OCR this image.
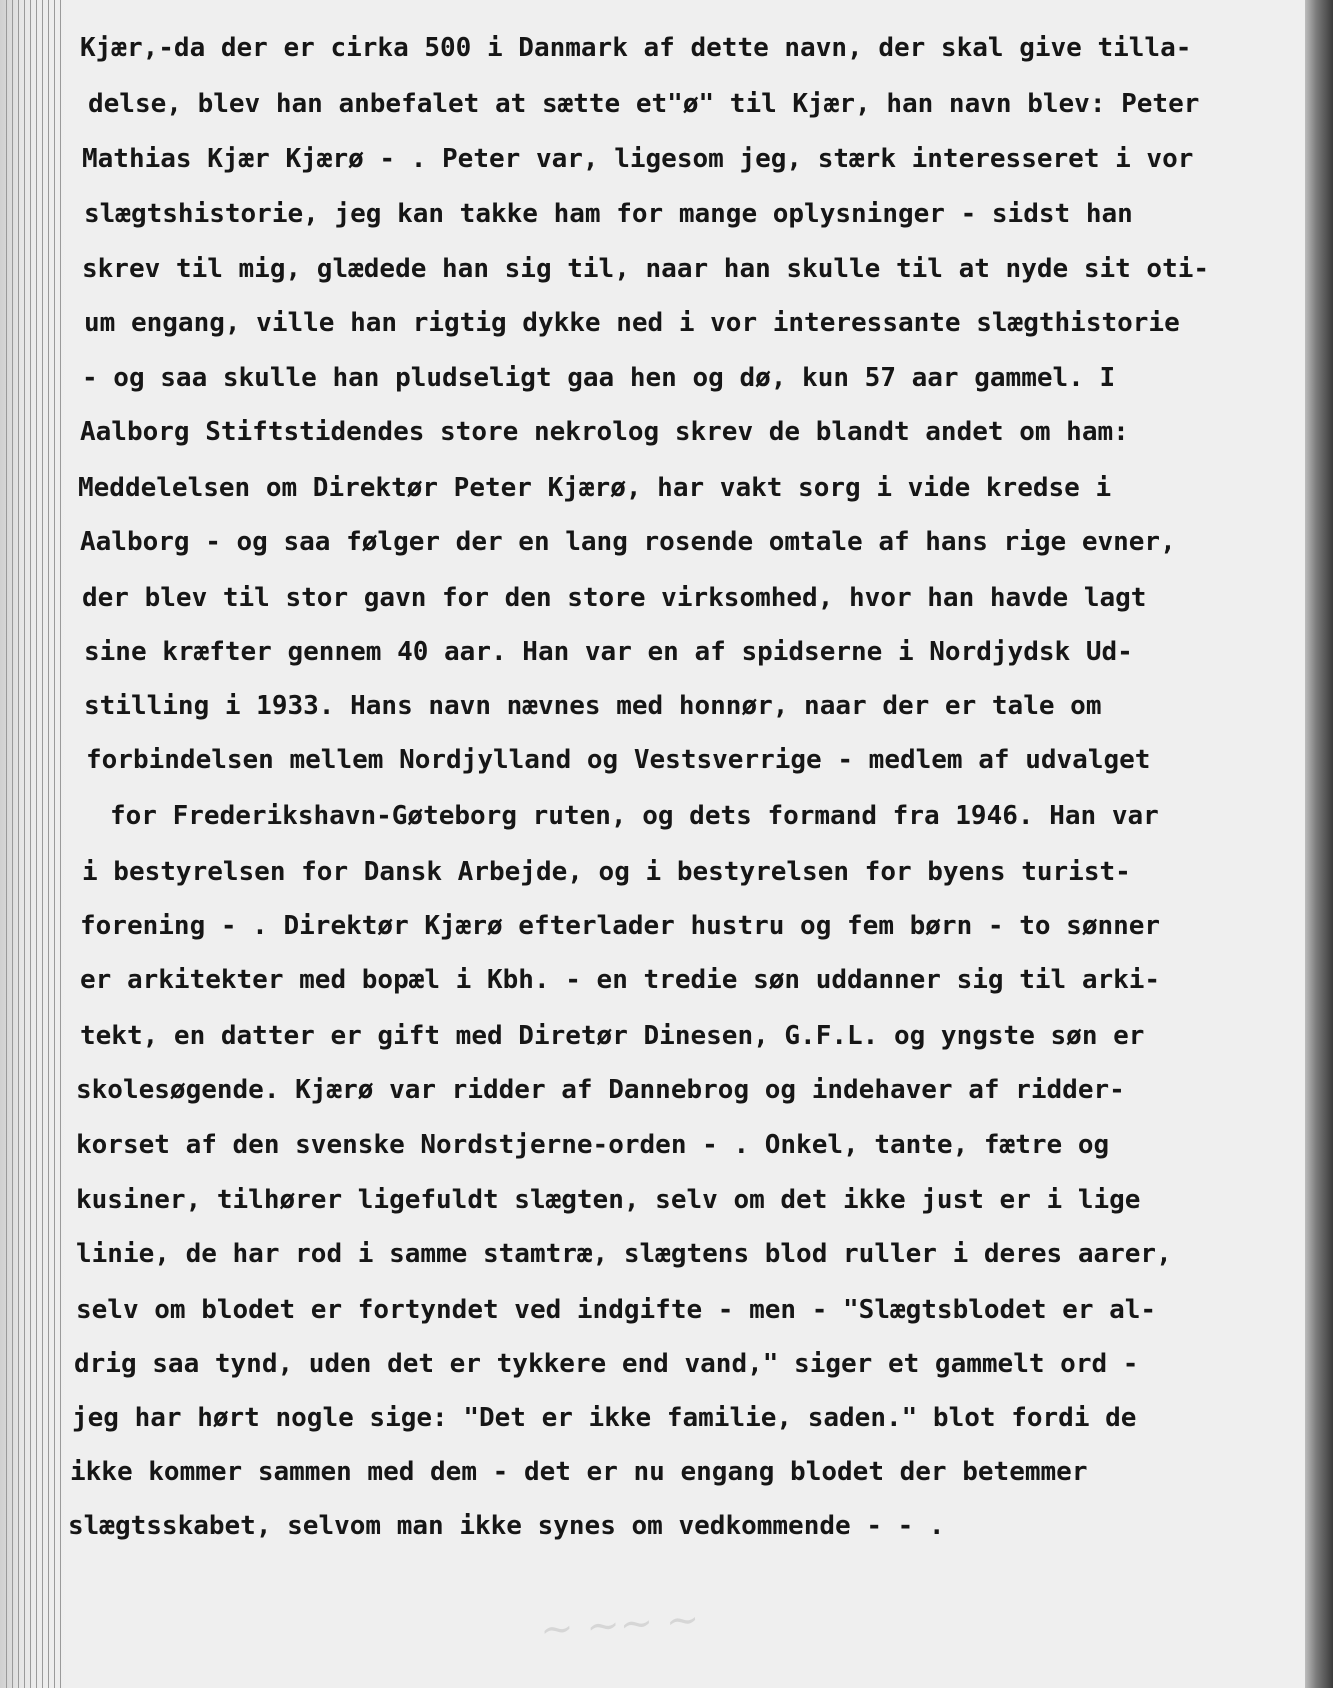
Kjær,-da der er cirka 500 i Danmark af dette navn, der skal give tilla-
delse, blev han anbefalet at sætte et"ø" til Kjær, han navn blev: Peter
Mathias Kjær Kjærø - . Peter var, ligesom jeg, stærk interesseret i vor
slægtshistorie, jeg kan takke ham for mange oplysninger - sidst han
skrev til mig, glædede han sig til, naar han skulle til at nyde sit oti-
um engang, ville han rigtig dykke ned i vor interessante slægthistorie
- og saa skulle han pludseligt gaa hen og dø, kun 57 aar gammel. I
Aalborg Stiftstidendes store nekrolog skrev de blandt andet om ham:
Meddelelsen om Direktør Peter Kjærø, har vakt sorg i vide kredse i
Aalborg - og saa følger der en lang rosende omtale af hans rige evner,
der blev til stor gavn for den store virksomhed, hvor han havde lagt
sine kræfter gennem 40 aar. Han var en af spidserne i Nordjydsk Ud-
stilling i 1933. Hans navn nævnes med honnør, naar der er tale om
forbindelsen mellem Nordjylland og Vestsverrige - medlem af udvalget
for Frederikshavn-Gøteborg ruten, og dets formand fra 1946. Han var
i bestyrelsen for Dansk Arbejde, og i bestyrelsen for byens turist-
forening - . Direktør Kjærø efterlader hustru og fem børn - to sønner
er arkitekter med bopæl i Kbh. - en tredie søn uddanner sig til arki-
tekt, en datter er gift med Diretør Dinesen, G.F.L. og yngste søn er
skolesøgende. Kjærø var ridder af Dannebrog og indehaver af ridder-
korset af den svenske Nordstjerne-orden - . Onkel, tante, fætre og
kusiner, tilhører ligefuldt slægten, selv om det ikke just er i lige
linie, de har rod i samme stamtræ, slægtens blod ruller i deres aarer,
selv om blodet er fortyndet ved indgifte - men - "Slægtsblodet er al-
drig saa tynd, uden det er tykkere end vand," siger et gammelt ord -
jeg har hørt nogle sige: "Det er ikke familie, saden." blot fordi de
ikke kommer sammen med dem - det er nu engang blodet der betemmer
slægtsskabet, selvom man ikke synes om vedkommende - - .
~ ~~ ~
